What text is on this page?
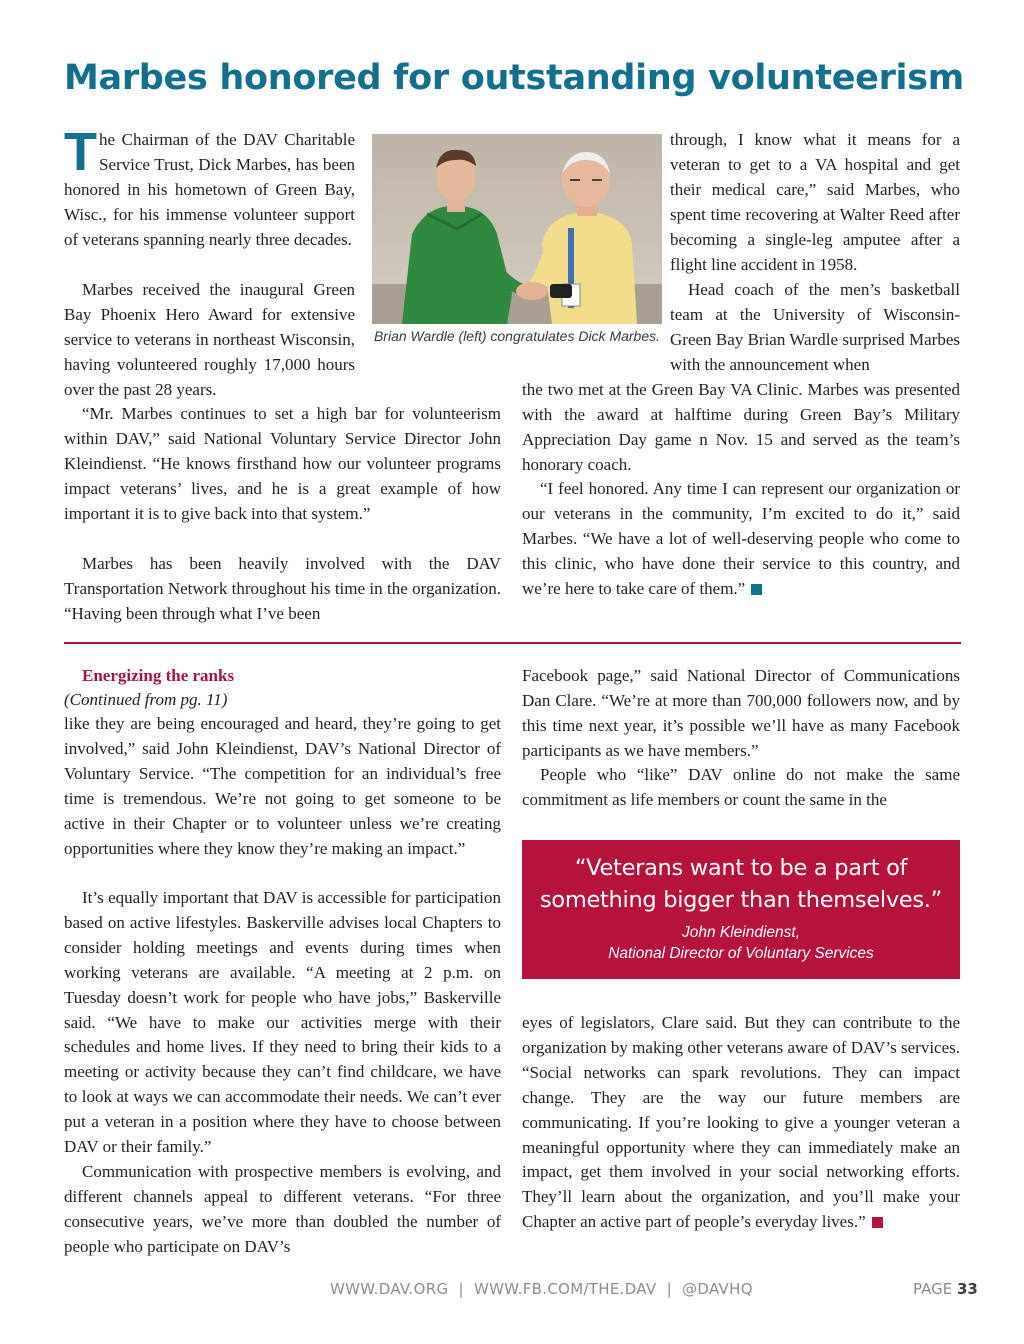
Marbes honored for outstanding volunteerism

The Chairman of the DAV Charitable Service Trust, Dick Marbes, has been honored in his hometown of Green Bay, Wisc., for his immense volunteer support of veterans spanning nearly three decades.

Marbes received the inaugural Green Bay Phoenix Hero Award for extensive service to veterans in northeast Wisconsin, having volunteered roughly 17,000 hours over the past 28 years.

Brian Wardle (left) congratulates Dick Marbes.

“Mr. Marbes continues to set a high bar for volunteerism within DAV,” said National Voluntary Service Director John Kleindienst. “He knows firsthand how our volunteer programs impact veterans’ lives, and he is a great example of how important it is to give back into that system.”

Marbes has been heavily involved with the DAV Transportation Network throughout his time in the organization. “Having been through what I’ve been

through, I know what it means for a veteran to get to a VA hospital and get their medical care,” said Marbes, who spent time recovering at Walter Reed after becoming a single-leg amputee after a flight line accident in 1958.

Head coach of the men’s basketball team at the University of Wisconsin-Green Bay Brian Wardle surprised Marbes with the announcement when

the two met at the Green Bay VA Clinic. Marbes was presented with the award at halftime during Green Bay’s Military Appreciation Day game n Nov. 15 and served as the team’s honorary coach.

“I feel honored. Any time I can represent our organization or our veterans in the community, I’m excited to do it,” said Marbes. “We have a lot of well-deserving people who come to this clinic, who have done their service to this country, and we’re here to take care of them.”

Energizing the ranks

(Continued from pg. 11)

like they are being encouraged and heard, they’re going to get involved,” said John Kleindienst, DAV’s National Director of Voluntary Service. “The competition for an individual’s free time is tremendous. We’re not going to get someone to be active in their Chapter or to volunteer unless we’re creating opportunities where they know they’re making an impact.”

It’s equally important that DAV is accessible for participation based on active lifestyles. Baskerville advises local Chapters to consider holding meetings and events during times when working veterans are available. “A meeting at 2 p.m. on Tuesday doesn’t work for people who have jobs,” Baskerville said. “We have to make our activities merge with their schedules and home lives. If they need to bring their kids to a meeting or activity because they can’t find childcare, we have to look at ways we can accommodate their needs. We can’t ever put a veteran in a position where they have to choose between DAV or their family.”

Communication with prospective members is evolving, and different channels appeal to different veterans. “For three consecutive years, we’ve more than doubled the number of people who participate on DAV’s

Facebook page,” said National Director of Communications Dan Clare. “We’re at more than 700,000 followers now, and by this time next year, it’s possible we’ll have as many Facebook participants as we have members.”

People who “like” DAV online do not make the same commitment as life members or count the same in the

“Veterans want to be a part of
something bigger than themselves.”
John Kleindienst,
National Director of Voluntary Services

eyes of legislators, Clare said. But they can contribute to the organization by making other veterans aware of DAV’s services. “Social networks can spark revolutions. They can impact change. They are the way our future members are communicating. If you’re looking to give a younger veteran a meaningful opportunity where they can immediately make an impact, get them involved in your social networking efforts. They’ll learn about the organization, and you’ll make your Chapter an active part of people’s everyday lives.”

WWW.DAV.ORG  |  WWW.FB.COM/THE.DAV  |  @DAVHQ	PAGE 33
